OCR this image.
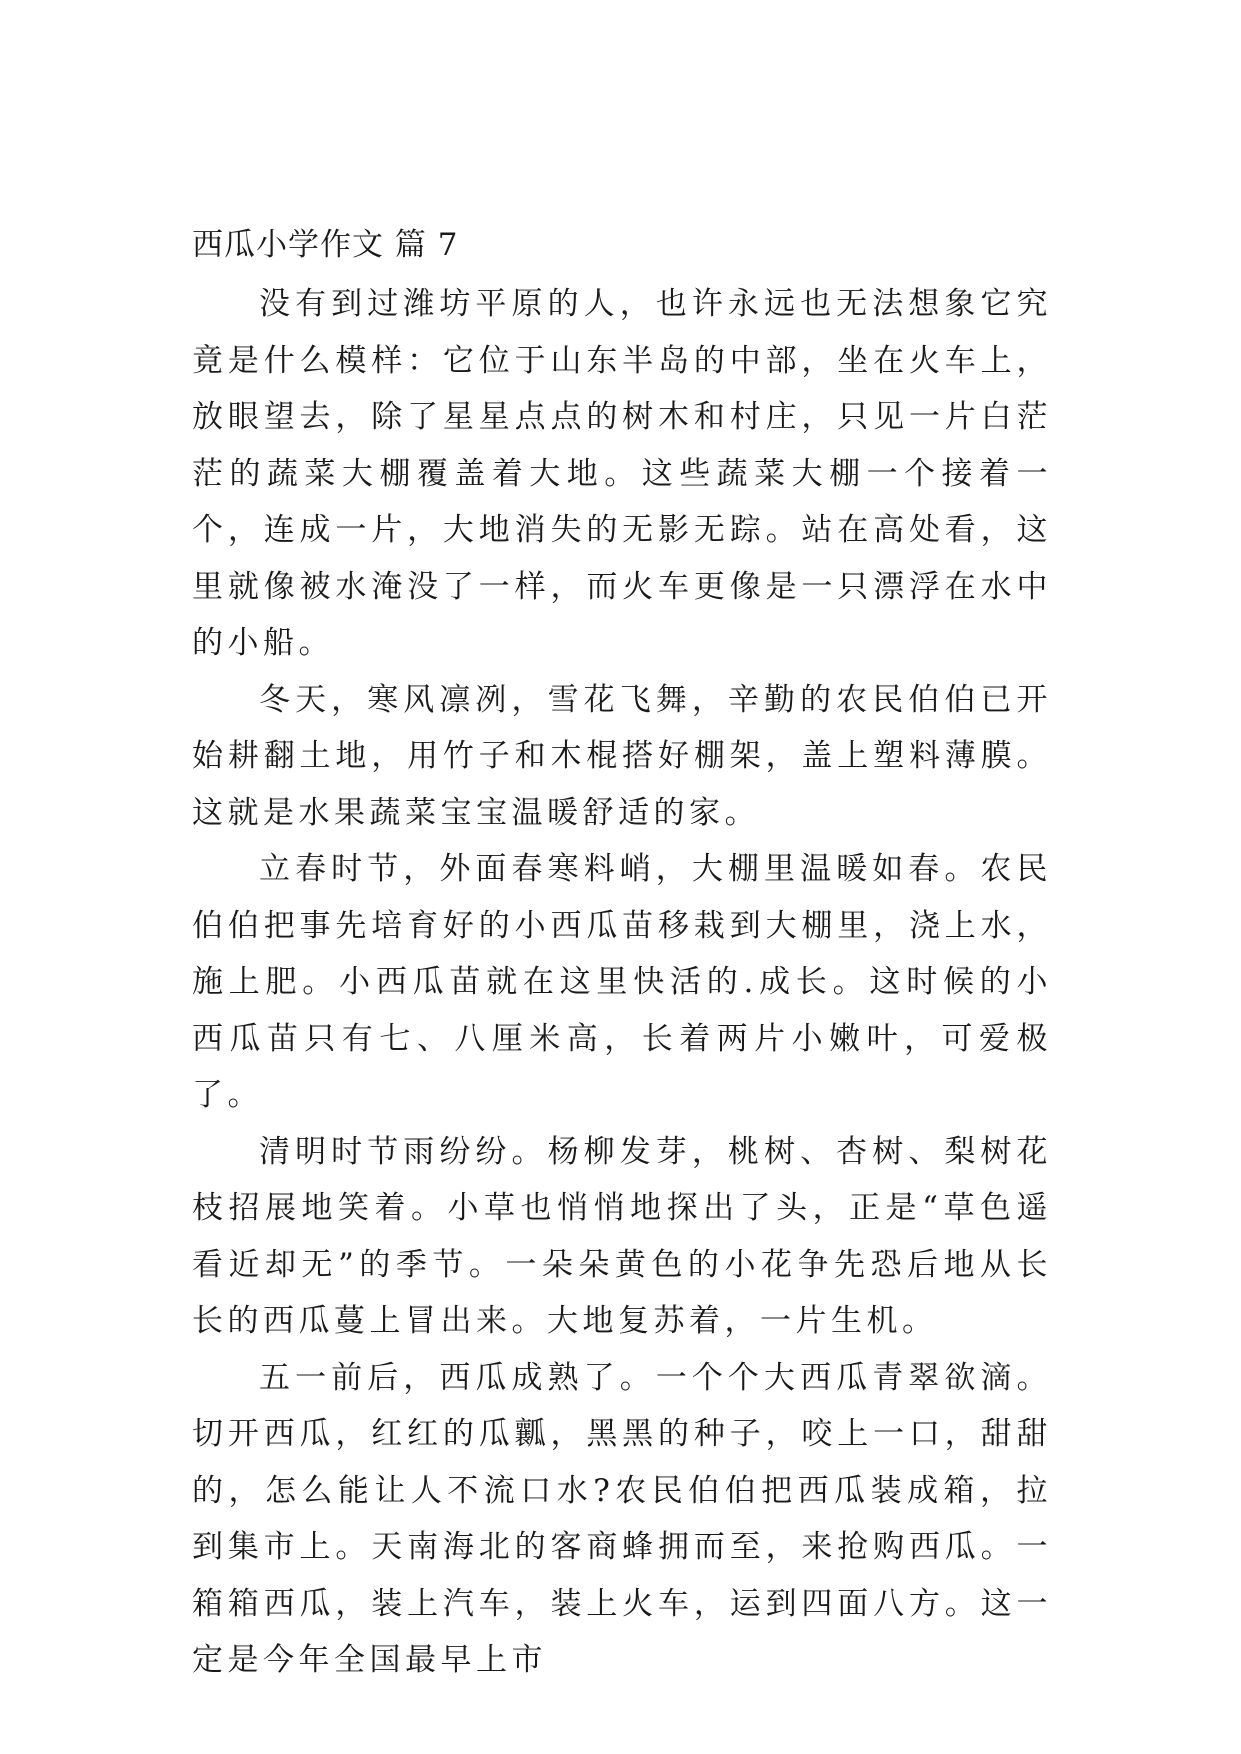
西瓜小学作文 篇 7

没有到过潍坊平原的人，也许永远也无法想象它究竟是什么模样：它位于山东半岛的中部，坐在火车上，放眼望去，除了星星点点的树木和村庄，只见一片白茫茫的蔬菜大棚覆盖着大地。这些蔬菜大棚一个接着一个，连成一片，大地消失的无影无踪。站在高处看，这里就像被水淹没了一样，而火车更像是一只漂浮在水中的小船。

冬天，寒风凛冽，雪花飞舞，辛勤的农民伯伯已开始耕翻土地，用竹子和木棍搭好棚架，盖上塑料薄膜。这就是水果蔬菜宝宝温暖舒适的家。

立春时节，外面春寒料峭，大棚里温暖如春。农民伯伯把事先培育好的小西瓜苗移栽到大棚里，浇上水，施上肥。小西瓜苗就在这里快活的.成长。这时候的小西瓜苗只有七、八厘米高，长着两片小嫩叶，可爱极了。

清明时节雨纷纷。杨柳发芽，桃树、杏树、梨树花枝招展地笑着。小草也悄悄地探出了头，正是“草色遥看近却无”的季节。一朵朵黄色的小花争先恐后地从长长的西瓜蔓上冒出来。大地复苏着，一片生机。

五一前后，西瓜成熟了。一个个大西瓜青翠欲滴。切开西瓜，红红的瓜瓤，黑黑的种子，咬上一口，甜甜的，怎么能让人不流口水?农民伯伯把西瓜装成箱，拉到集市上。天南海北的客商蜂拥而至，来抢购西瓜。一箱箱西瓜，装上汽车，装上火车，运到四面八方。这一定是今年全国最早上市
